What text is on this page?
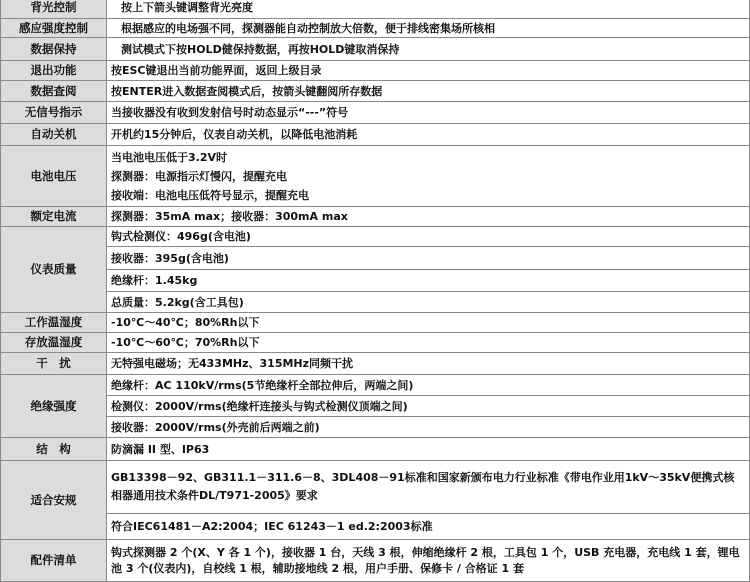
背光控制	按上下箭头键调整背光亮度
感应强度控制	根据感应的电场强不同，探测器能自动控制放大倍数，便于排线密集场所核相
数据保持	测试模式下按HOLD健保持数据，再按HOLD键取消保持
退出功能	按ESC键退出当前功能界面，返回上级目录
数据查阅	按ENTER进入数据查阅模式后，按箭头键翻阅所存数据
无信号指示	当接收器没有收到发射信号时动态显示“---”符号
自动关机	开机约15分钟后，仪表自动关机，以降低电池消耗
电池电压	当电池电压低于3.2V时
探测器：电源指示灯慢闪，提醒充电
接收端：电池电压低符号显示，提醒充电

额定电流	探测器：35mA max；接收器：300mA max
仪表质量	钩式检测仪：496g(含电池)
	接收器：395g(含电池)
	绝缘杆：1.45kg
	总质量：5.2kg(含工具包)
工作温湿度	-10℃～40℃；80%Rh以下
存放温湿度	-10℃～60℃；70%Rh以下
干　扰	无特强电磁场；无433MHz、315MHz同频干扰
绝缘强度	绝缘杆：AC 110kV/rms(5节绝缘杆全部拉伸后，两端之间)
	检测仪：2000V/rms(绝缘杆连接头与钩式检测仪顶端之间)
	接收器：2000V/rms(外壳前后两端之前)
结　构	防滴漏 II 型、IP63
适合安规	GB13398－92、GB311.1－311.6－8、3DL408－91标准和国家新颁布电力行业标准《带电作业用1kV～35kV便携式核相器通用技术条件DL/T971-2005》要求
	符合IEC61481－A2:2004；IEC 61243－1 ed.2:2003标准
配件清单	钩式探测器 2 个(X、Y 各 1 个)，接收器 1 台，天线 3 根，伸缩绝缘杆 2 根，工具包 1 个，USB 充电器，充电线 1 套，锂电池 3 个(仪表内)，自校线 1 根，辅助接地线 2 根，用户手册、保修卡 / 合格证 1 套
